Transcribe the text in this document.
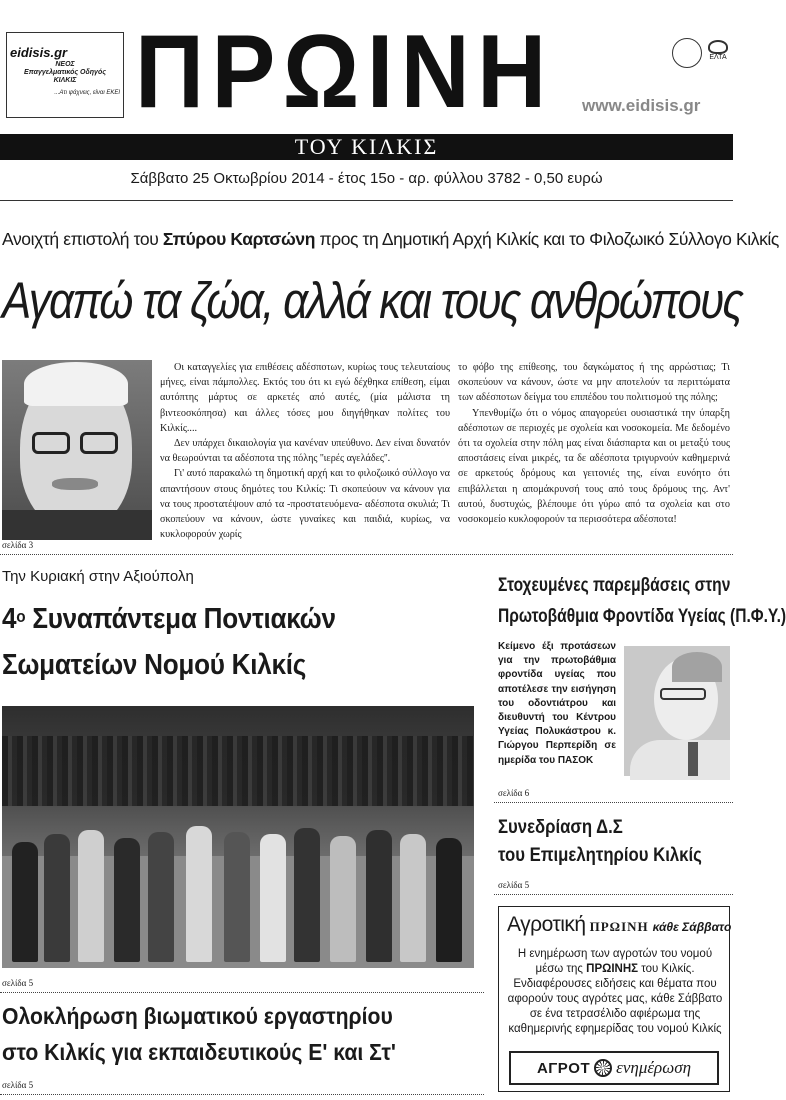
eidisis.gr
ΝΕΟΣ
Επαγγελματικός Οδηγός
ΚΙΛΚΙΣ
...Ατι ψάχνεις, είναι ΕΚΕΙ ΠΡΩΙΝΗ	ΕΛΤΑ
www.eidisis.gr
ΤΟΥ ΚΙΛΚΙΣ
Σάββατο 25 Οκτωβρίου 2014 - έτος 15ο - αρ. φύλλου 3782 - 0,50 ευρώ
Ανοιχτή επιστολή του Σπύρου Καρτσώνη προς τη Δημοτική Αρχή Κιλκίς και το Φιλοζωικό Σύλλογο Κιλκίς
Αγαπώ τα ζώα, αλλά και τους ανθρώπους

Οι καταγγελίες για επιθέσεις αδέσποτων, κυρίως τους τελευταίους μήνες, είναι πάμπολλες. Εκτός του ότι κι εγώ δέχθηκα επίθεση, είμαι αυτόπτης μάρτυς σε αρκετές από αυτές, (μία μάλιστα τη βιντεοσκόπησα) και άλλες τόσες μου διηγήθηκαν πολίτες του Κιλκίς....

Δεν υπάρχει δικαιολογία για κανέναν υπεύθυνο. Δεν είναι δυνατόν να θεωρούνται τα αδέσποτα της πόλης ''ιερές αγελάδες''.

Γι' αυτό παρακαλώ τη δημοτική αρχή και το φιλοζωικό σύλλογο να απαντήσουν στους δημότες του Κιλκίς: Τι σκοπεύουν να κάνουν για να τους προστατέψουν από τα -προστατευόμενα- αδέσποτα σκυλιά; Τι σκοπεύουν να κάνουν, ώστε γυναίκες και παιδιά, κυρίως, να κυκλοφορούν χωρίς

το φόβο της επίθεσης, του δαγκώματος ή της αρρώστιας; Τι σκοπεύουν να κάνουν, ώστε να μην αποτελούν τα περιττώματα των αδέσποτων δείγμα του επιπέδου του πολιτισμού της πόλης;

Υπενθυμίζω ότι ο νόμος απαγορεύει ουσιαστικά την ύπαρξη αδέσποτων σε περιοχές με σχολεία και νοσοκομεία. Με δεδομένο ότι τα σχολεία στην πόλη μας είναι διάσπαρτα και οι μεταξύ τους αποστάσεις είναι μικρές, τα δε αδέσποτα τριγυρνούν καθημερινά σε αρκετούς δρόμους και γειτονιές της, είναι ευνόητο ότι επιβάλλεται η απομάκρυνσή τους από τους δρόμους της. Αντ' αυτού, δυστυχώς, βλέπουμε ότι γύρω από τα σχολεία και στο νοσοκομείο κυκλοφορούν τα περισσότερα αδέσποτα!

σελίδα 3
Την Κυριακή στην Αξιούπολη
$4^o$ Συναπάντεμα Ποντιακών
Σωματείων Νομού Κιλκίς
σελίδα 5
Ολοκλήρωση βιωματικού εργαστηρίου
στο Κιλκίς για εκπαιδευτικούς Ε' και Στ'
σελίδα 5
Στοχευμένες παρεμβάσεις στην
Πρωτοβάθμια Φροντίδα Υγείας (Π.Φ.Υ.)
Κείμενο έξι προτάσεων για την πρωτοβάθμια φροντίδα υγείας που αποτέλεσε την εισήγηση του οδοντιάτρου και διευθυντή του Κέντρου Υγείας Πολυκάστρου κ. Γιώργου Περπερίδη σε ημερίδα του ΠΑΣΟΚ
σελίδα 6
Συνεδρίαση Δ.Σ
του Επιμελητηρίου Κιλκίς
σελίδα 5
Αγροτική ΠΡΩΙΝΗ κάθε Σάββατο
Η ενημέρωση των αγροτών του νομού μέσω της ΠΡΩΙΝΗΣ του Κιλκίς. Ενδιαφέρουσες ειδήσεις και θέματα που αφορούν τους αγρότες μας, κάθε Σάββατο σε ένα τετρασέλιδο αφιέρωμα της καθημερινής εφημερίδας του νομού Κιλκίς
ΑΓΡΟΤ ενημέρωση
